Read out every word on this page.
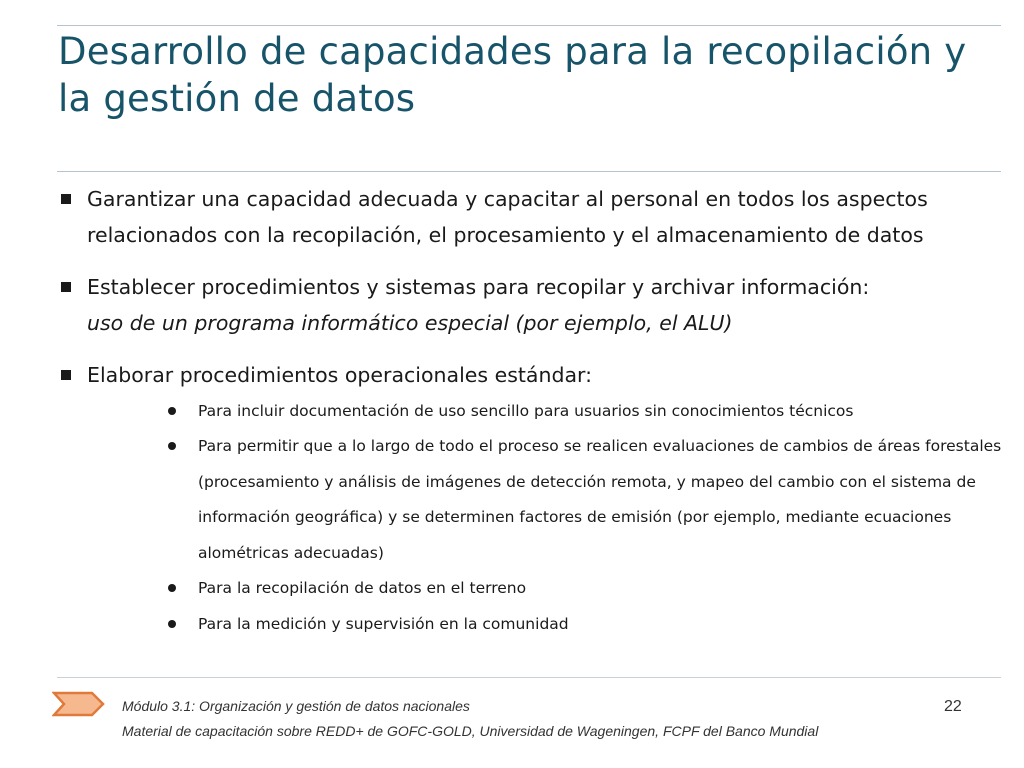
Desarrollo de capacidades para la recopilación y la gestión de datos
Garantizar una capacidad adecuada y capacitar al personal en todos los aspectos relacionados con la recopilación, el procesamiento y el almacenamiento de datos
Establecer procedimientos y sistemas para recopilar y archivar información:
uso de un programa informático especial (por ejemplo, el ALU)
Elaborar procedimientos operacionales estándar:
Para incluir documentación de uso sencillo para usuarios sin conocimientos técnicos
Para permitir que a lo largo de todo el proceso se realicen evaluaciones de cambios de áreas forestales (procesamiento y análisis de imágenes de detección remota, y mapeo del cambio con el sistema de información geográfica) y se determinen factores de emisión (por ejemplo, mediante ecuaciones alométricas adecuadas)
Para la recopilación de datos en el terreno
Para la medición y supervisión en la comunidad
Módulo 3.1: Organización y gestión de datos nacionales
Material de capacitación sobre REDD+ de GOFC-GOLD, Universidad de Wageningen, FCPF del Banco Mundial
22
